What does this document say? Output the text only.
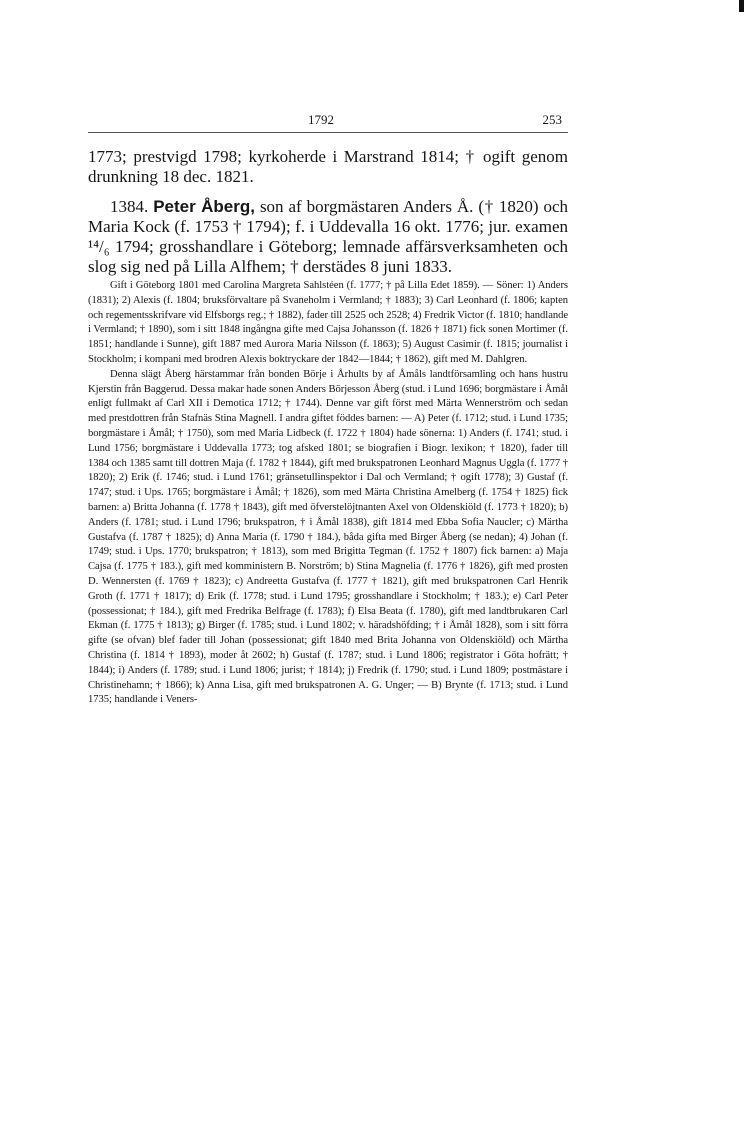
1792	253

1773; prestvigd 1798; kyrkoherde i Marstrand 1814; † ogift genom drunkning 18 dec. 1821.

1384. Peter Åberg, son af borgmästaren Anders Å. († 1820) och Maria Kock (f. 1753 † 1794); f. i Uddevalla 16 okt. 1776; jur. examen ¹⁴/₆ 1794; grosshandlare i Göteborg; lemnade affärsverksamheten och slog sig ned på Lilla Alfhem; † derstädes 8 juni 1833.

Gift i Göteborg 1801 med Carolina Margreta Sahlstéen (f. 1777; † på Lilla Edet 1859). — Söner: 1) Anders (1831); 2) Alexis (f. 1804; bruksförvaltare på Svaneholm i Vermland; † 1883); 3) Carl Leonhard (f. 1806; kapten och regementsskrifvare vid Elfsborgs reg.; † 1882), fader till 2525 och 2528; 4) Fredrik Victor (f. 1810; handlande i Vermland; † 1890), som i sitt 1848 ingångna gifte med Cajsa Johansson (f. 1826 † 1871) fick sonen Mortimer (f. 1851; handlande i Sunne), gift 1887 med Aurora Maria Nilsson (f. 1863); 5) August Casimir (f. 1815; journalist i Stockholm; i kompani med brodren Alexis boktryckare der 1842—1844; † 1862), gift med M. Dahlgren.

Denna slägt Åberg härstammar från bonden Börje i Århults by af Åmåls landtförsamling och hans hustru Kjerstin från Baggerud. Dessa makar hade sonen Anders Börjesson Åberg (stud. i Lund 1696; borgmästare i Åmål enligt fullmakt af Carl XII i Demotica 1712; † 1744). Denne var gift först med Märta Wennerström och sedan med prestdottren från Stafnäs Stina Magnell. I andra giftet föddes barnen: — A) Peter (f. 1712; stud. i Lund 1735; borgmästare i Åmål; † 1750), som med Maria Lidbeck (f. 1722 † 1804) hade sönerna: 1) Anders (f. 1741; stud. i Lund 1756; borgmästare i Uddevalla 1773; tog afsked 1801; se biografien i Biogr. lexikon; † 1820), fader till 1384 och 1385 samt till dottren Maja (f. 1782 † 1844), gift med brukspatronen Leonhard Magnus Uggla (f. 1777 † 1820); 2) Erik (f. 1746; stud. i Lund 1761; gränsetullinspektor i Dal och Vermland; † ogift 1778); 3) Gustaf (f. 1747; stud. i Ups. 1765; borgmästare i Åmål; † 1826), som med Märta Christina Amelberg (f. 1754 † 1825) fick barnen: a) Britta Johanna (f. 1778 † 1843), gift med öfverstelöjtnanten Axel von Oldenskiöld (f. 1773 † 1820); b) Anders (f. 1781; stud. i Lund 1796; brukspatron, † i Åmål 1838), gift 1814 med Ebba Sofia Naucler; c) Märtha Gustafva (f. 1787 † 1825); d) Anna Maria (f. 1790 † 184.), båda gifta med Birger Åberg (se nedan); 4) Johan (f. 1749; stud. i Ups. 1770; brukspatron; † 1813), som med Brigitta Tegman (f. 1752 † 1807) fick barnen: a) Maja Cajsa (f. 1775 † 183.), gift med komministern B. Norström; b) Stina Magnelia (f. 1776 † 1826), gift med prosten D. Wennersten (f. 1769 † 1823); c) Andreetta Gustafva (f. 1777 † 1821), gift med brukspatronen Carl Henrik Groth (f. 1771 † 1817); d) Erik (f. 1778; stud. i Lund 1795; grosshandlare i Stockholm; † 183.); e) Carl Peter (possessionat; † 184.), gift med Fredrika Belfrage (f. 1783); f) Elsa Beata (f. 1780), gift med landtbrukaren Carl Ekman (f. 1775 † 1813); g) Birger (f. 1785; stud. i Lund 1802; v. häradshöfding; † i Åmål 1828), som i sitt förra gifte (se ofvan) blef fader till Johan (possessionat; gift 1840 med Brita Johanna von Oldenskiöld) och Märtha Christina (f. 1814 † 1893), moder åt 2602; h) Gustaf (f. 1787; stud. i Lund 1806; registrator i Göta hofrätt; † 1844); i) Anders (f. 1789; stud. i Lund 1806; jurist; † 1814); j) Fredrik (f. 1790; stud. i Lund 1809; postmästare i Christinehamn; † 1866); k) Anna Lisa, gift med brukspatronen A. G. Unger; — B) Brynte (f. 1713; stud. i Lund 1735; handlande i Veners-
